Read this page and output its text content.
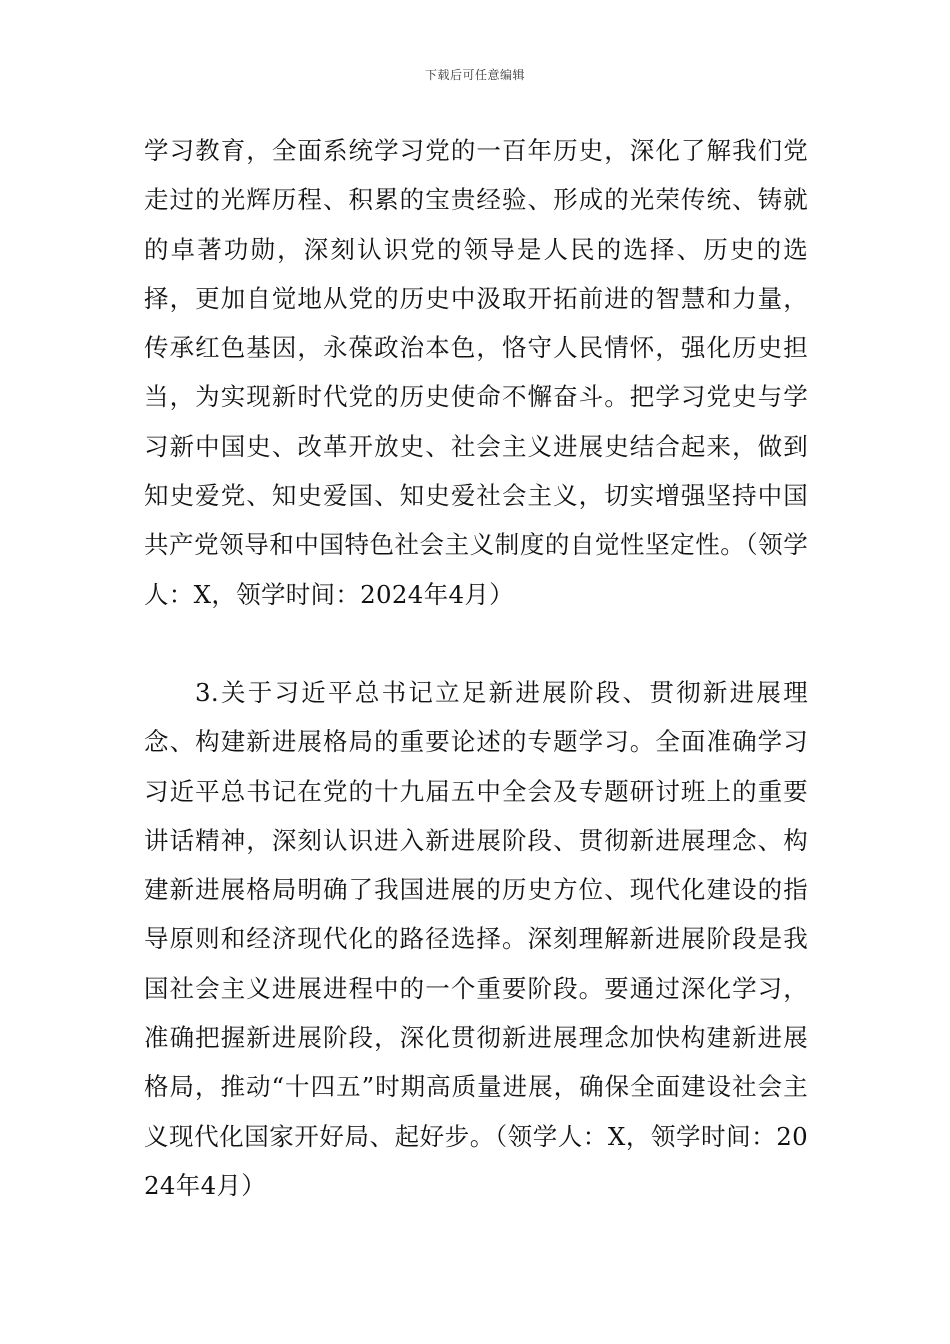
下载后可任意编辑

学习教育，全面系统学习党的一百年历史，深化了解我们党走过的光辉历程、积累的宝贵经验、形成的光荣传统、铸就的卓著功勋，深刻认识党的领导是人民的选择、历史的选择，更加自觉地从党的历史中汲取开拓前进的智慧和力量，传承红色基因，永葆政治本色，恪守人民情怀，强化历史担当，为实现新时代党的历史使命不懈奋斗。把学习党史与学习新中国史、改革开放史、社会主义进展史结合起来，做到知史爱党、知史爱国、知史爱社会主义，切实增强坚持中国共产党领导和中国特色社会主义制度的自觉性坚定性。（领学人：X，领学时间：2024年4月）

3.关于习近平总书记立足新进展阶段、贯彻新进展理念、构建新进展格局的重要论述的专题学习。全面准确学习习近平总书记在党的十九届五中全会及专题研讨班上的重要讲话精神，深刻认识进入新进展阶段、贯彻新进展理念、构建新进展格局明确了我国进展的历史方位、现代化建设的指导原则和经济现代化的路径选择。深刻理解新进展阶段是我国社会主义进展进程中的一个重要阶段。要通过深化学习，准确把握新进展阶段，深化贯彻新进展理念加快构建新进展格局，推动“十四五”时期高质量进展，确保全面建设社会主义现代化国家开好局、起好步。（领学人：X，领学时间：2024年4月）
